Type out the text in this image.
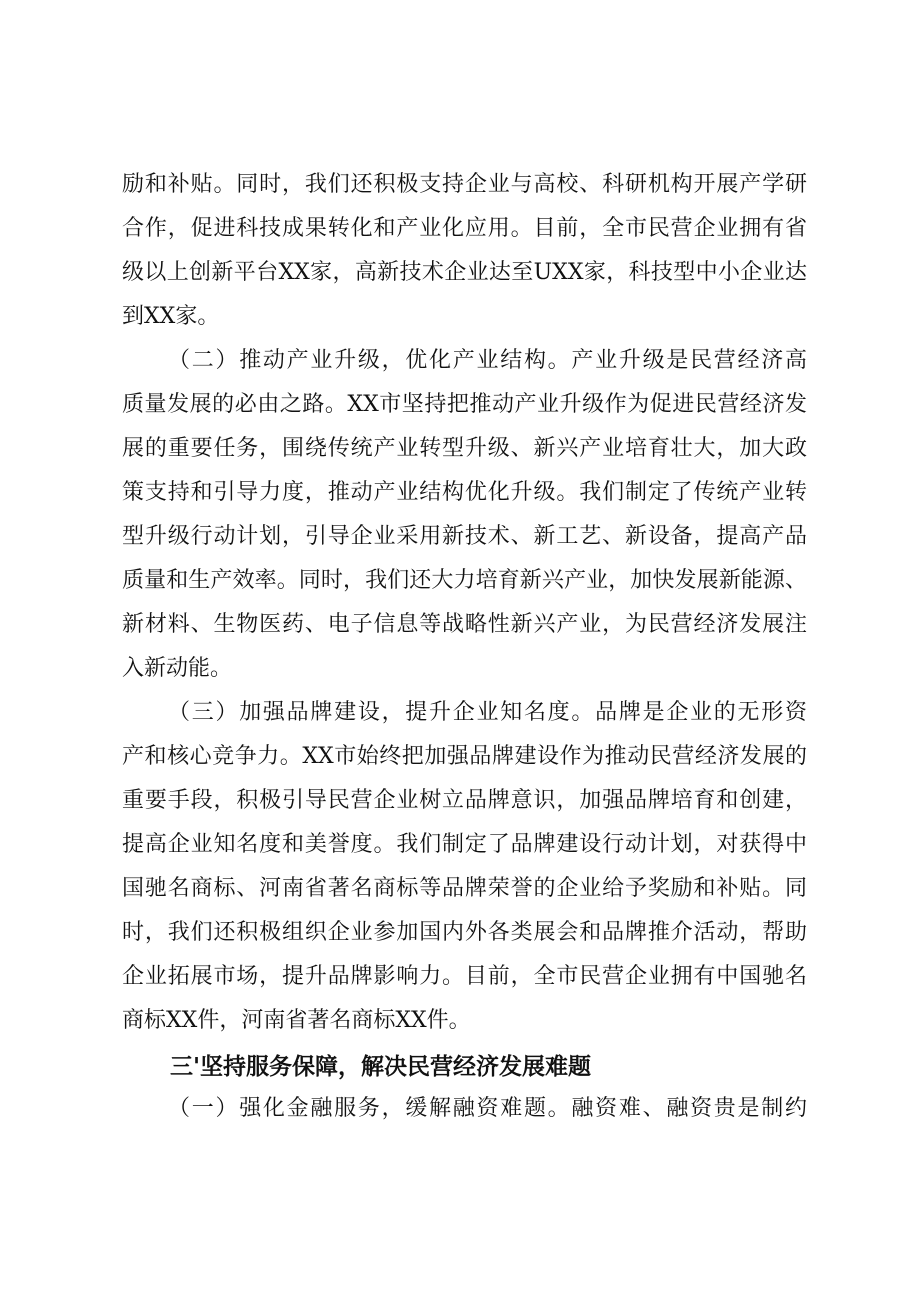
励和补贴。同时，我们还积极支持企业与高校、科研机构开展产学研
合作，促进科技成果转化和产业化应用。目前，全市民营企业拥有省
级以上创新平台XX家，高新技术企业达至UXX家，科技型中小企业达
到XX家。
（二）推动产业升级，优化产业结构。产业升级是民营经济高
质量发展的必由之路。XX市坚持把推动产业升级作为促进民营经济发
展的重要任务，围绕传统产业转型升级、新兴产业培育壮大，加大政
策支持和引导力度，推动产业结构优化升级。我们制定了传统产业转
型升级行动计划，引导企业采用新技术、新工艺、新设备，提高产品
质量和生产效率。同时，我们还大力培育新兴产业，加快发展新能源、
新材料、生物医药、电子信息等战略性新兴产业，为民营经济发展注
入新动能。
（三）加强品牌建设，提升企业知名度。品牌是企业的无形资
产和核心竞争力。XX市始终把加强品牌建设作为推动民营经济发展的
重要手段，积极引导民营企业树立品牌意识，加强品牌培育和创建，
提高企业知名度和美誉度。我们制定了品牌建设行动计划，对获得中
国驰名商标、河南省著名商标等品牌荣誉的企业给予奖励和补贴。同
时，我们还积极组织企业参加国内外各类展会和品牌推介活动，帮助
企业拓展市场，提升品牌影响力。目前，全市民营企业拥有中国驰名
商标XX件，河南省著名商标XX件。
三'坚持服务保障，解决民营经济发展难题
（一）强化金融服务，缓解融资难题。融资难、融资贵是制约
